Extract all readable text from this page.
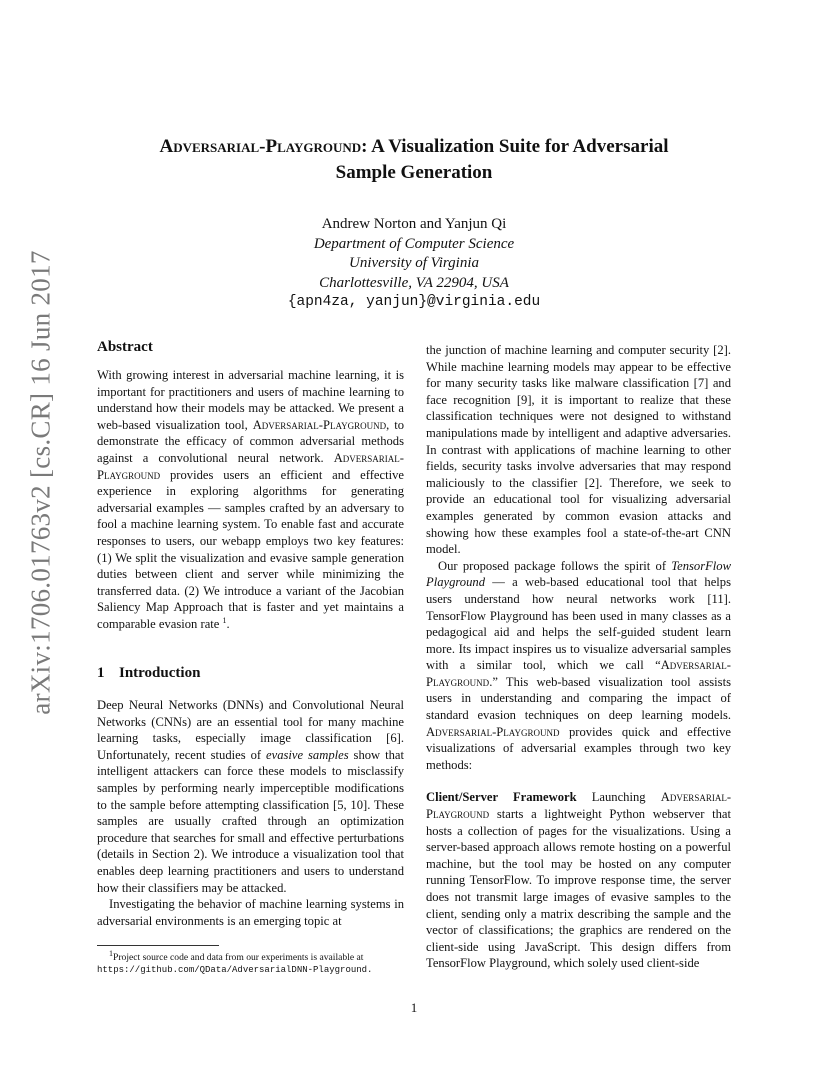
arXiv:1706.01763v2 [cs.CR] 16 Jun 2017
Adversarial-Playground: A Visualization Suite for Adversarial
Sample Generation
Andrew Norton and Yanjun Qi
Department of Computer Science
University of Virginia
Charlottesville, VA 22904, USA
{apn4za, yanjun}@virginia.edu
Abstract

With growing interest in adversarial machine learning, it is important for practitioners and users of machine learning to understand how their models may be attacked. We present a web-based visualization tool, Adversarial-Playground, to demonstrate the efficacy of common adversarial methods against a convolutional neural network. Adversarial-Playground provides users an efficient and effective experience in exploring algorithms for generating adversarial examples — samples crafted by an adversary to fool a machine learning system. To enable fast and accurate responses to users, our webapp employs two key features: (1) We split the visualization and evasive sample generation duties between client and server while minimizing the transferred data. (2) We introduce a variant of the Jacobian Saliency Map Approach that is faster and yet maintains a comparable evasion rate $^1$.

1 Introduction

Deep Neural Networks (DNNs) and Convolutional Neural Networks (CNNs) are an essential tool for many machine learning tasks, especially image classification [6]. Unfortunately, recent studies of evasive samples show that intelligent attackers can force these models to misclassify samples by performing nearly imperceptible modifications to the sample before attempting classification [5, 10]. These samples are usually crafted through an optimization procedure that searches for small and effective perturbations (details in Section 2). We introduce a visualization tool that enables deep learning practitioners and users to understand how their classifiers may be attacked.

Investigating the behavior of machine learning systems in adversarial environments is an emerging topic at

$^1$Project source code and data from our experiments is available at

https://github.com/QData/AdversarialDNN-Playground.

the junction of machine learning and computer security [2]. While machine learning models may appear to be effective for many security tasks like malware classification [7] and face recognition [9], it is important to realize that these classification techniques were not designed to withstand manipulations made by intelligent and adaptive adversaries. In contrast with applications of machine learning to other fields, security tasks involve adversaries that may respond maliciously to the classifier [2]. Therefore, we seek to provide an educational tool for visualizing adversarial examples generated by common evasion attacks and showing how these examples fool a state-of-the-art CNN model.

Our proposed package follows the spirit of TensorFlow Playground — a web-based educational tool that helps users understand how neural networks work [11]. TensorFlow Playground has been used in many classes as a pedagogical aid and helps the self-guided student learn more. Its impact inspires us to visualize adversarial samples with a similar tool, which we call “Adversarial-Playground.” This web-based visualization tool assists users in understanding and comparing the impact of standard evasion techniques on deep learning models. Adversarial-Playground provides quick and effective visualizations of adversarial examples through two key methods:

Client/Server Framework Launching Adversarial-Playground starts a lightweight Python webserver that hosts a collection of pages for the visualizations. Using a server-based approach allows remote hosting on a powerful machine, but the tool may be hosted on any computer running TensorFlow. To improve response time, the server does not transmit large images of evasive samples to the client, sending only a matrix describing the sample and the vector of classifications; the graphics are rendered on the client-side using JavaScript. This design differs from TensorFlow Playground, which solely used client-side

1
